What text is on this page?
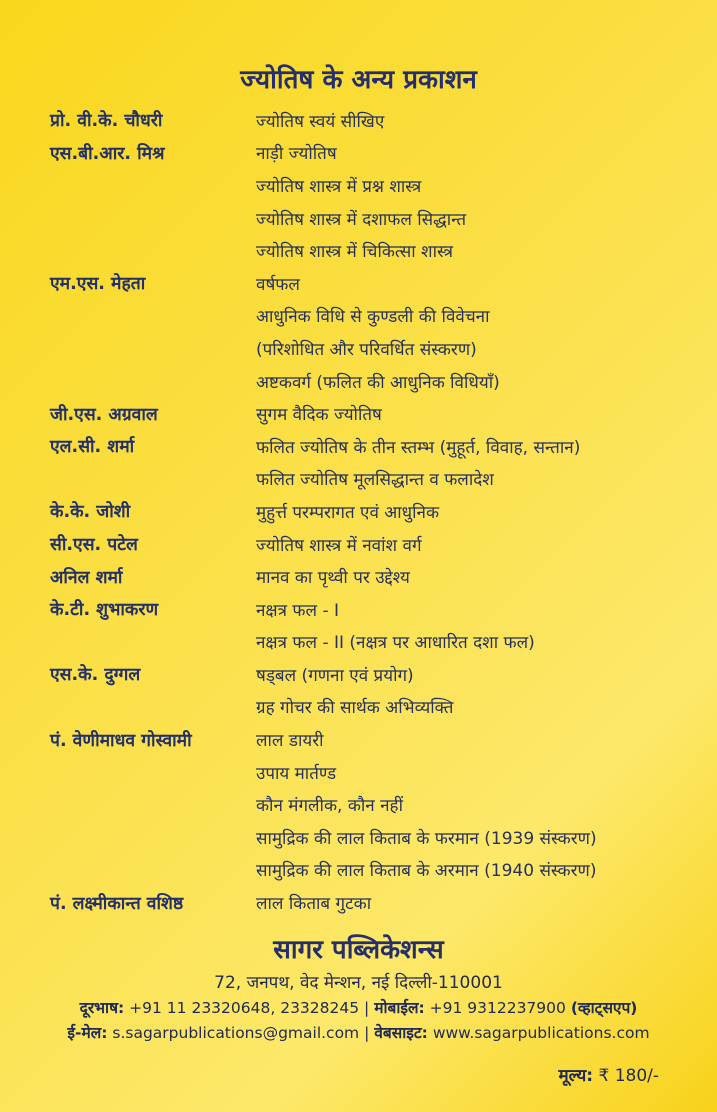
ज्योतिष के अन्य प्रकाशन
प्रो. वी.के. चौधरी	ज्योतिष स्वयं सीखिए
एस.बी.आर. मिश्र	नाड़ी ज्योतिष
ज्योतिष शास्त्र में प्रश्न शास्त्र
ज्योतिष शास्त्र में दशाफल सिद्धान्त
ज्योतिष शास्त्र में चिकित्सा शास्त्र
एम.एस. मेहता	वर्षफल
आधुनिक विधि से कुण्डली की विवेचना
(परिशोधित और परिवर्धित संस्करण)
अष्टकवर्ग (फलित की आधुनिक विधियाँ)
जी.एस. अग्रवाल	सुगम वैदिक ज्योतिष
एल.सी. शर्मा	फलित ज्योतिष के तीन स्तम्भ (मुहूर्त, विवाह, सन्तान)
फलित ज्योतिष मूलसिद्धान्त व फलादेश
के.के. जोशी	मुहुर्त्त परम्परागत एवं आधुनिक
सी.एस. पटेल	ज्योतिष शास्त्र में नवांश वर्ग
अनिल शर्मा	मानव का पृथ्वी पर उद्देश्य
के.टी. शुभाकरण	नक्षत्र फल - I
नक्षत्र फल - II (नक्षत्र पर आधारित दशा फल)
एस.के. दुग्गल	षड्बल (गणना एवं प्रयोग)
ग्रह गोचर की सार्थक अभिव्यक्ति
पं. वेणीमाधव गोस्वामी	लाल डायरी
उपाय मार्तण्ड
कौन मंगलीक, कौन नहीं
सामुद्रिक की लाल किताब के फरमान (1939 संस्करण)
सामुद्रिक की लाल किताब के अरमान (1940 संस्करण)
पं. लक्ष्मीकान्त वशिष्ठ	लाल किताब गुटका
सागर पब्लिकेशन्स
72, जनपथ, वेद मेन्शन, नई दिल्ली-110001
दूरभाष: +91 11 23320648, 23328245 | मोबाईल: +91 9312237900 (व्हाट्सएप)
ई-मेल: s.sagarpublications@gmail.com | वेबसाइट: www.sagarpublications.com
मूल्य: ₹ 180/-
